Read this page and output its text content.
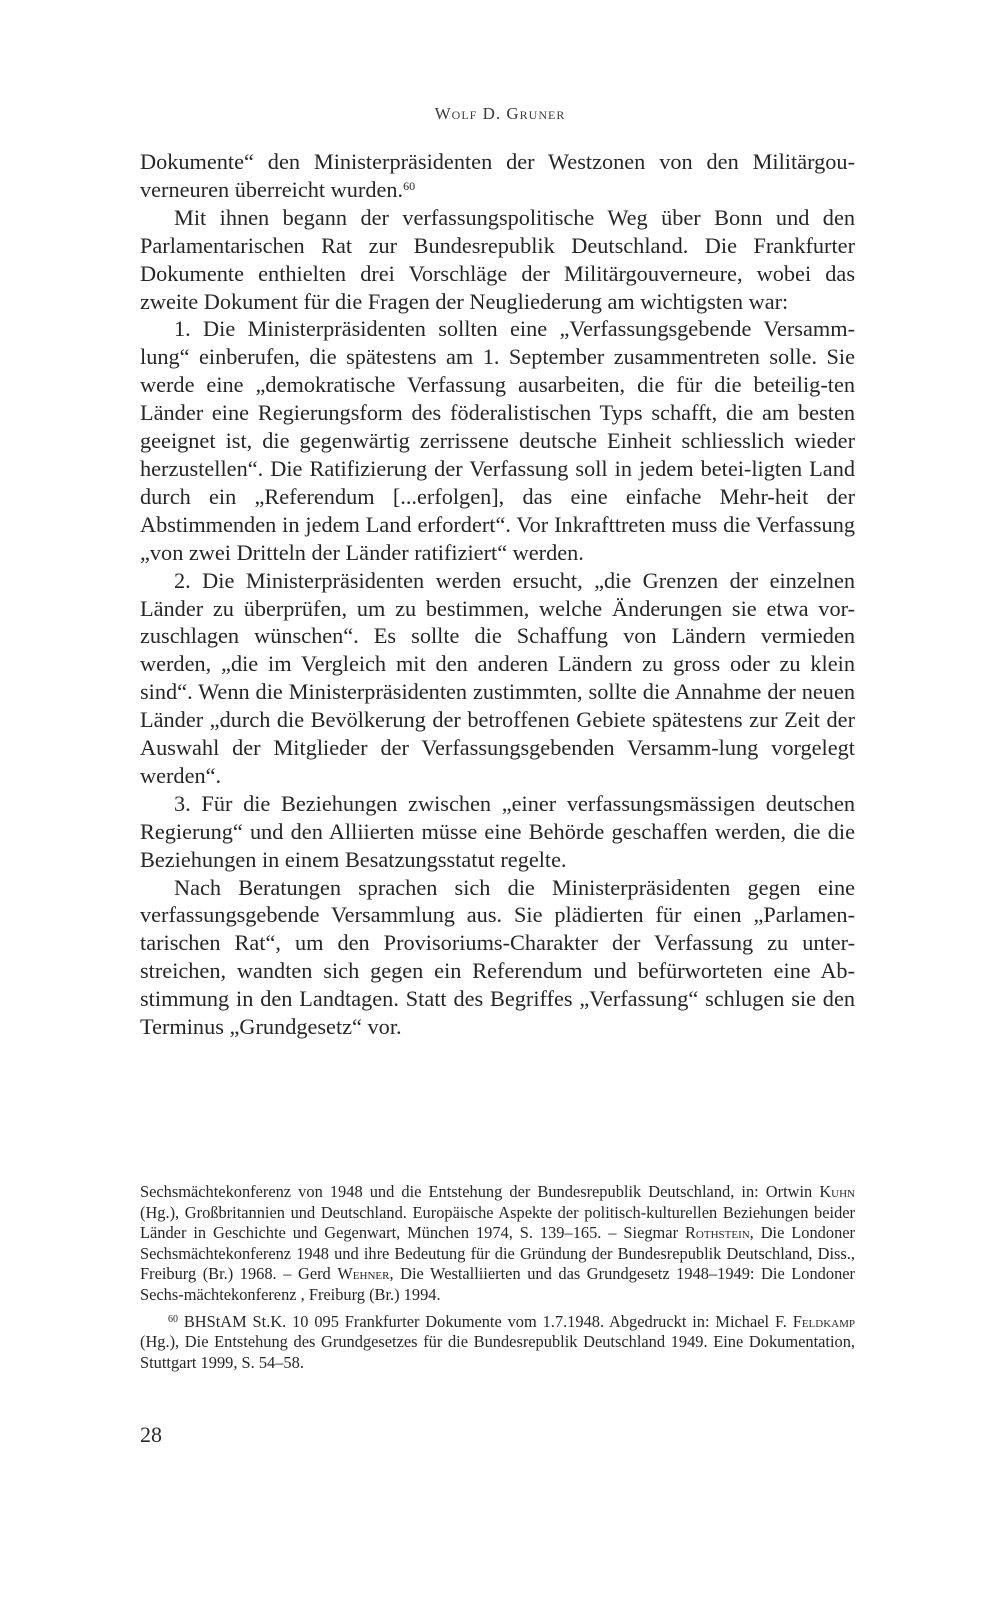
Wolf D. Gruner

Dokumente“ den Ministerpräsidenten der Westzonen von den Militärgou-verneuren überreicht wurden.$^{60}$

Mit ihnen begann der verfassungspolitische Weg über Bonn und den Parlamentarischen Rat zur Bundesrepublik Deutschland. Die Frankfurter Dokumente enthielten drei Vorschläge der Militärgouverneure, wobei das zweite Dokument für die Fragen der Neugliederung am wichtigsten war:

1. Die Ministerpräsidenten sollten eine „Verfassungsgebende Versamm-lung“ einberufen, die spätestens am 1. September zusammentreten solle. Sie werde eine „demokratische Verfassung ausarbeiten, die für die beteilig-ten Länder eine Regierungsform des föderalistischen Typs schafft, die am besten geeignet ist, die gegenwärtig zerrissene deutsche Einheit schliesslich wieder herzustellen“. Die Ratifizierung der Verfassung soll in jedem betei-ligten Land durch ein „Referendum [...erfolgen], das eine einfache Mehr-heit der Abstimmenden in jedem Land erfordert“. Vor Inkrafttreten muss die Verfassung „von zwei Dritteln der Länder ratifiziert“ werden.

2. Die Ministerpräsidenten werden ersucht, „die Grenzen der einzelnen Länder zu überprüfen, um zu bestimmen, welche Änderungen sie etwa vor-zuschlagen wünschen“. Es sollte die Schaffung von Ländern vermieden werden, „die im Vergleich mit den anderen Ländern zu gross oder zu klein sind“. Wenn die Ministerpräsidenten zustimmten, sollte die Annahme der neuen Länder „durch die Bevölkerung der betroffenen Gebiete spätestens zur Zeit der Auswahl der Mitglieder der Verfassungsgebenden Versamm-lung vorgelegt werden“.

3. Für die Beziehungen zwischen „einer verfassungsmässigen deutschen Regierung“ und den Alliierten müsse eine Behörde geschaffen werden, die die Beziehungen in einem Besatzungsstatut regelte.

Nach Beratungen sprachen sich die Ministerpräsidenten gegen eine verfassungsgebende Versammlung aus. Sie plädierten für einen „Parlamen-tarischen Rat“, um den Provisoriums-Charakter der Verfassung zu unter-streichen, wandten sich gegen ein Referendum und befürworteten eine Ab-stimmung in den Landtagen. Statt des Begriffes „Verfassung“ schlugen sie den Terminus „Grundgesetz“ vor.

Sechsmächtekonferenz von 1948 und die Entstehung der Bundesrepublik Deutschland, in: Ortwin Kuhn (Hg.), Großbritannien und Deutschland. Europäische Aspekte der politisch-kulturellen Beziehungen beider Länder in Geschichte und Gegenwart, München 1974, S. 139–165. – Siegmar Rothstein, Die Londoner Sechsmächtekonferenz 1948 und ihre Bedeutung für die Gründung der Bundesrepublik Deutschland, Diss., Freiburg (Br.) 1968. – Gerd Wehner, Die Westalliierten und das Grundgesetz 1948–1949: Die Londoner Sechs-mächtekonferenz , Freiburg (Br.) 1994.

$^{60}$ BHStAM St.K. 10 095 Frankfurter Dokumente vom 1.7.1948. Abgedruckt in: Michael F. Feldkamp (Hg.), Die Entstehung des Grundgesetzes für die Bundesrepublik Deutschland 1949. Eine Dokumentation, Stuttgart 1999, S. 54–58.

28
